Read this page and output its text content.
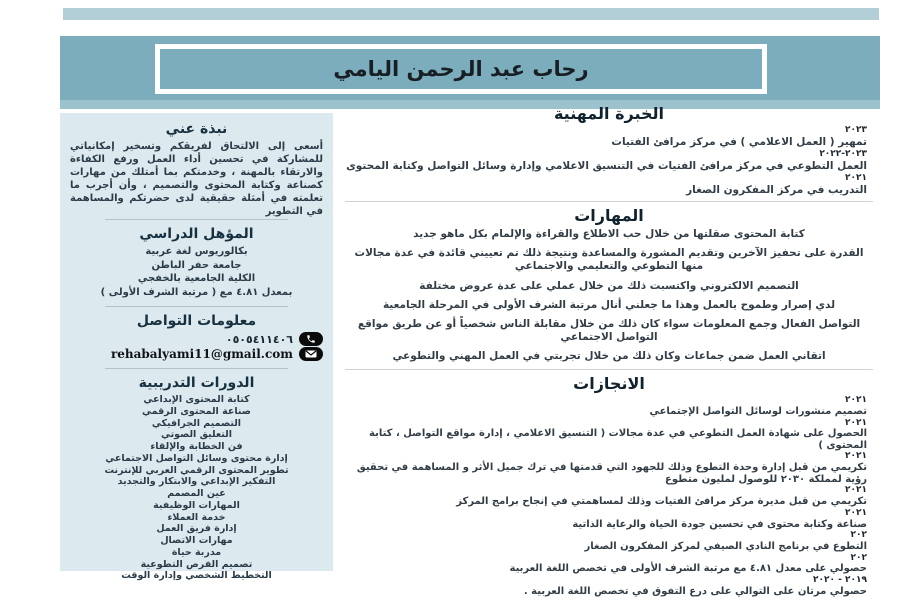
رحاب عبد الرحمن اليامي
نبذة عني
أسعى إلى الالتحاق لفريقكم وتسخير إمكانياتي للمشاركة في تحسين أداء العمل ورفع الكفاءة والارتقاء بالمهنة ، وخدمتكم بما أمتلك من مهارات كصناعة وكتابة المحتوى والتصميم ، وأن أجرب ما تعلمته في أمثلة حقيقية لدى حضرتكم والمساهمة في التطوير
المؤهل الدراسي
بكالوريوس لغة عربية
جامعة حفر الباطن
الكلية الجامعية بالخفجي
بمعدل ٤.٨١ مع ( مرتبة الشرف الأولى )
معلومات التواصل
٠٥٠٥٤١١٤٠٦
rehabalyami11@gmail.com
الدورات التدريبية
كتابة المحتوى الإبداعي
صناعة المحتوى الرقمي
التصميم الجرافيكي
التعليق الصوتي
فن الخطابة والإلقاء
إدارة محتوى وسائل التواصل الاجتماعي
تطوير المحتوى الرقمي العربي للإنترنت
التفكير الإبداعي والابتكار والتجديد
عين المصمم
المهارات الوظيفية
خدمة العملاء
إدارة فريق العمل
مهارات الاتصال
مدربة حياة
تصميم الفرص التطوعية
التخطيط الشخصي وإدارة الوقت
الخبرة المهنية
٢٠٢٣
تمهير ( العمل الاعلامي ) في مركز مرافئ الفتيات
٢٠٢٢-٢٠٢٣
العمل التطوعي في مركز مرافئ الفتيات في التنسيق الاعلامي وإدارة وسائل التواصل وكتابة المحتوى
٢٠٢١
التدريب في مركز المفكرون الصغار
المهارات
كتابة المحتوى صقلتها من خلال حب الاطلاع والقراءة والإلمام بكل ماهو جديد
القدرة على تحفيز الآخرين وتقديم المشورة والمساعدة ونتيجة ذلك تم تعييني قائدة في عدة مجالات منها التطوعي والتعليمي والاجتماعي
التصميم الالكتروني واكتسبت ذلك من خلال عملي على عدة عروض مختلفة
لدي إصرار وطموح بالعمل وهذا ما جعلني أنال مرتبة الشرف الأولى في المرحلة الجامعية
التواصل الفعال وجمع المعلومات سواء كان ذلك من خلال مقابلة الناس شخصياً أو عن طريق مواقع التواصل الاجتماعي
اتقاني العمل ضمن جماعات وكان ذلك من خلال تجربتي في العمل المهني والتطوعي
الانجازات
٢٠٢١
تصميم منشورات لوسائل التواصل الإجتماعي
٢٠٢١
الحصول على شهادة العمل التطوعي في عدة مجالات ( التنسيق الاعلامي ، إدارة مواقع التواصل ، كتابة المحتوى )
٢٠٢١
تكريمي من قبل إدارة وحدة التطوع وذلك للجهود التي قدمتها في ترك جميل الأثر و المساهمة في تحقيق رؤية لمملكة ٢٠٣٠ للوصول لمليون متطوع
٢٠٢١
تكريمي من قبل مديرة مركز مرافئ الفتيات وذلك لمساهمتي في إنجاح برامج المركز
٢٠٢١
صناعة وكتابة محتوى في تحسين جودة الحياة والرعاية الذاتية
٢٠٢
التطوع في برنامج النادي الصيفي لمركز المفكرون الصغار
٢٠٢
حصولي على معدل ٤.٨١ مع مرتبة الشرف الأولى في تخصص اللغة العربية
٢٠٢٠ - ٢٠١٩
حصولي مرتان على التوالي على درع التفوق في تخصص اللغة العربية .
